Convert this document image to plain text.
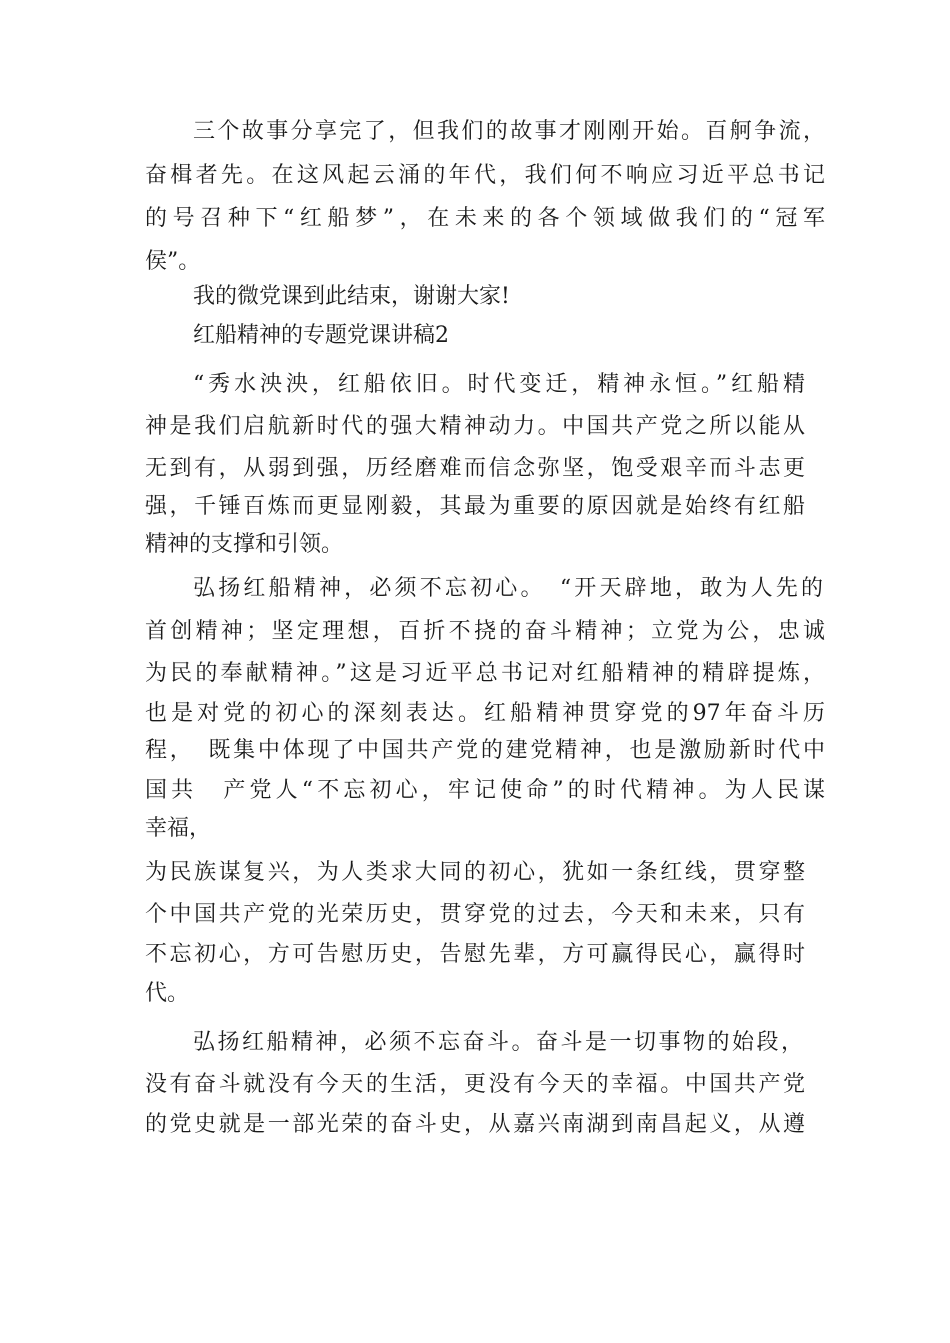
三个故事分享完了，但我们的故事才刚刚开始。百舸争流，
奋楫者先。在这风起云涌的年代，我们何不响应习近平总书记
的号召种下“红船梦”，在未来的各个领域做我们的“冠军
侯”。
我的微党课到此结束，谢谢大家!
红船精神的专题党课讲稿2
“秀水泱泱，红船依旧。时代变迁，精神永恒。”红船精
神是我们启航新时代的强大精神动力。中国共产党之所以能从
无到有，从弱到强，历经磨难而信念弥坚，饱受艰辛而斗志更
强，千锤百炼而更显刚毅，其最为重要的原因就是始终有红船
精神的支撑和引领。
弘扬红船精神，必须不忘初心。　“开天辟地，敢为人先的
首创精神；坚定理想，百折不挠的奋斗精神；立党为公，忠诚
为民的奉献精神。”这是习近平总书记对红船精神的精辟提炼，
也是对党的初心的深刻表达。红船精神贯穿党的97年奋斗历
程，　既集中体现了中国共产党的建党精神，也是激励新时代中
国共　产党人“不忘初心，牢记使命”的时代精神。为人民谋
幸福，
为民族谋复兴，为人类求大同的初心，犹如一条红线，贯穿整
个中国共产党的光荣历史，贯穿党的过去，今天和未来，只有
不忘初心，方可告慰历史，告慰先辈，方可赢得民心，赢得时
代。
弘扬红船精神，必须不忘奋斗。奋斗是一切事物的始段，
没有奋斗就没有今天的生活，更没有今天的幸福。中国共产党
的党史就是一部光荣的奋斗史，从嘉兴南湖到南昌起义，从遵
